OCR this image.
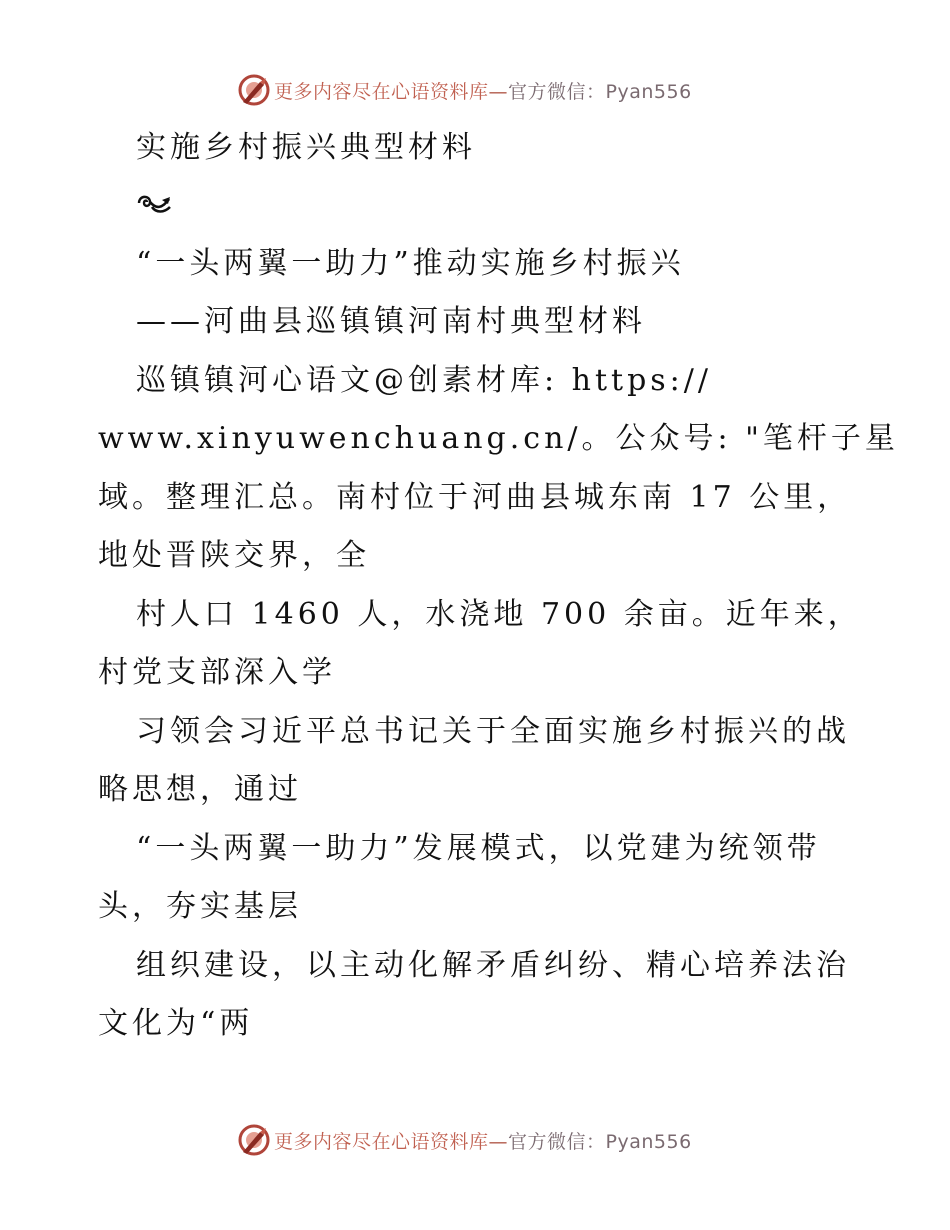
更多内容尽在心语资料库—官方微信：Pyan556
实施乡村振兴典型材料
“一头两翼一助力”推动实施乡村振兴
——河曲县巡镇镇河南村典型材料
巡镇镇河心语文@创素材库: https://
www.xinyuwenchuang.cn/。公众号: "笔杆子星
域。整理汇总。南村位于河曲县城东南 17 公里，
地处晋陕交界，全
村人口 1460 人，水浇地 700 余亩。近年来，
村党支部深入学
习领会习近平总书记关于全面实施乡村振兴的战
略思想，通过
“一头两翼一助力”发展模式，以党建为统领带
头，夯实基层
组织建设，以主动化解矛盾纠纷、精心培养法治
文化为“两
更多内容尽在心语资料库—官方微信：Pyan556
